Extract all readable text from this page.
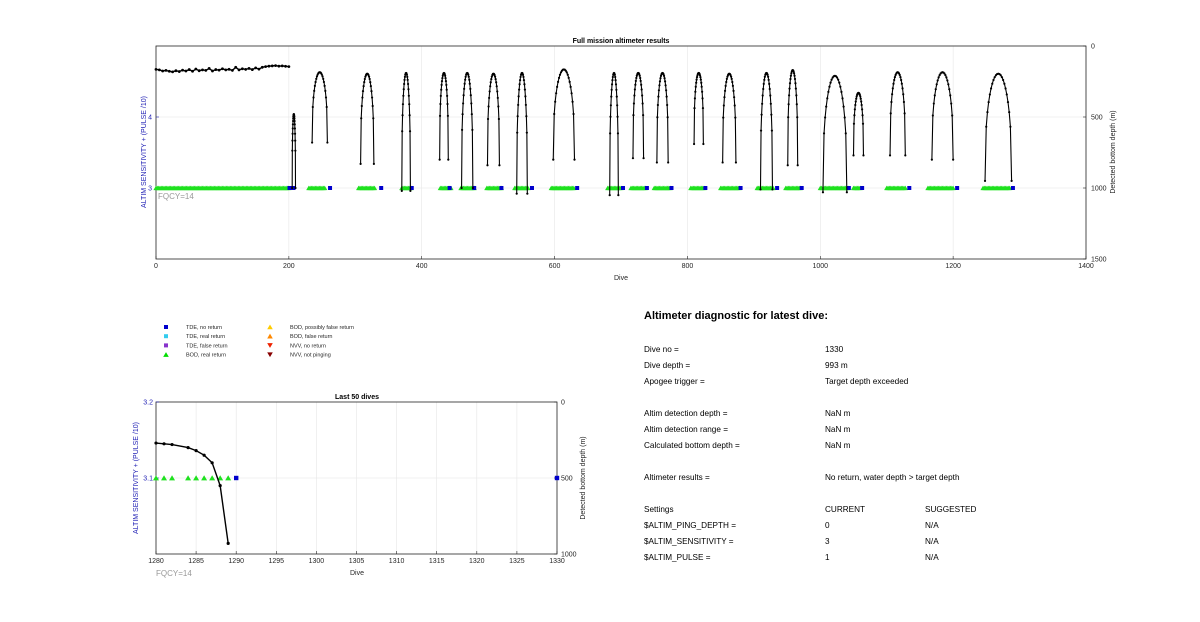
Full mission altimeter results
0	200	400	600	800	1000	1200	1400
3
4
0
500
1000
1500
Dive
ALTIM SENSITIVITY + (PULSE /10)	Detected bottom depth (m)
FQCY=14
TDE, no return
TDE, real return
TDE, false return
BOD, real return
BOD, possibly false return
BOD, false return
NVV, no return
NVV, not pinging
Last 50 dives
1280	1285	1290	1295	1300	1305	1310	1315	1320	1325	1330
3.1
3.2	0
500
1000
Dive
ALTIM SENSITIVITY + (PULSE /10)	Detected bottom depth (m)
FQCY=14
Altimeter diagnostic for latest dive:
Dive no =	1330
Dive depth =	993 m
Apogee trigger =	Target depth exceeded
Altim detection depth =	NaN m
Altim detection range =	NaN m
Calculated bottom depth =	NaN m
Altimeter results =	No return, water depth > target depth
Settings	CURRENT	SUGGESTED
$ALTIM_PING_DEPTH =	0	N/A
$ALTIM_SENSITIVITY =	3	N/A
$ALTIM_PULSE =	1	N/A
